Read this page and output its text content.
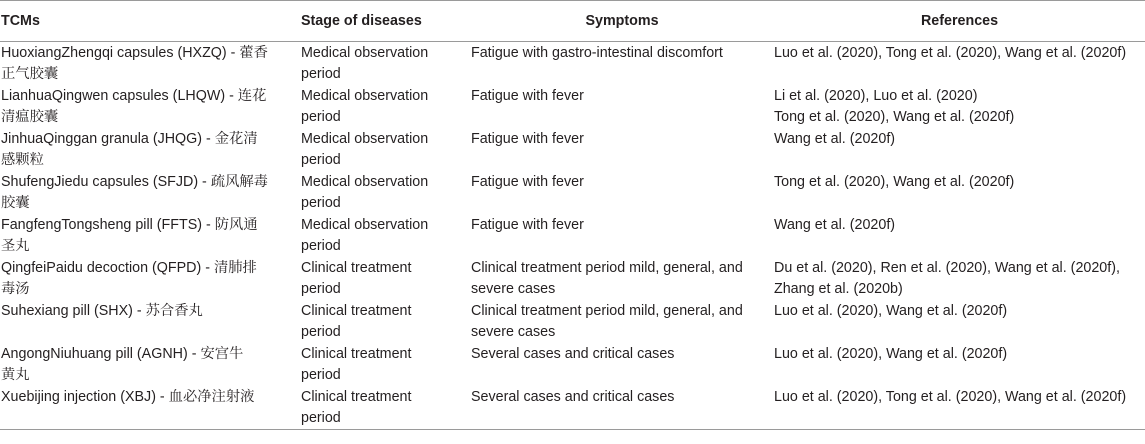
TCMs	Stage of diseases	Symptoms	References

HuoxiangZhengqi capsules (HXZQ) - 藿香
正气胶囊	Medical observation
period	Fatigue with gastro-intestinal discomfort	Luo et al. (2020), Tong et al. (2020), Wang et al. (2020f)

LianhuaQingwen capsules (LHQW) - 连花
清瘟胶囊	Medical observation
period	Fatigue with fever	Li et al. (2020), Luo et al. (2020)
Tong et al. (2020), Wang et al. (2020f)

JinhuaQinggan granula (JHQG) - 金花清
感颗粒	Medical observation
period	Fatigue with fever	Wang et al. (2020f)

ShufengJiedu capsules (SFJD) - 疏风解毒
胶囊	Medical observation
period	Fatigue with fever	Tong et al. (2020), Wang et al. (2020f)

FangfengTongsheng pill (FFTS) - 防风通
圣丸	Medical observation
period	Fatigue with fever	Wang et al. (2020f)

QingfeiPaidu decoction (QFPD) - 清肺排
毒汤	Clinical treatment
period	Clinical treatment period mild, general, and
severe cases	Du et al. (2020), Ren et al. (2020), Wang et al. (2020f),
Zhang et al. (2020b)

Suhexiang pill (SHX) - 苏合香丸	Clinical treatment
period	Clinical treatment period mild, general, and
severe cases	Luo et al. (2020), Wang et al. (2020f)

AngongNiuhuang pill (AGNH) - 安宫牛
黄丸	Clinical treatment
period	Several cases and critical cases	Luo et al. (2020), Wang et al. (2020f)

Xuebijing injection (XBJ) - 血必净注射液	Clinical treatment
period	Several cases and critical cases	Luo et al. (2020), Tong et al. (2020), Wang et al. (2020f)
